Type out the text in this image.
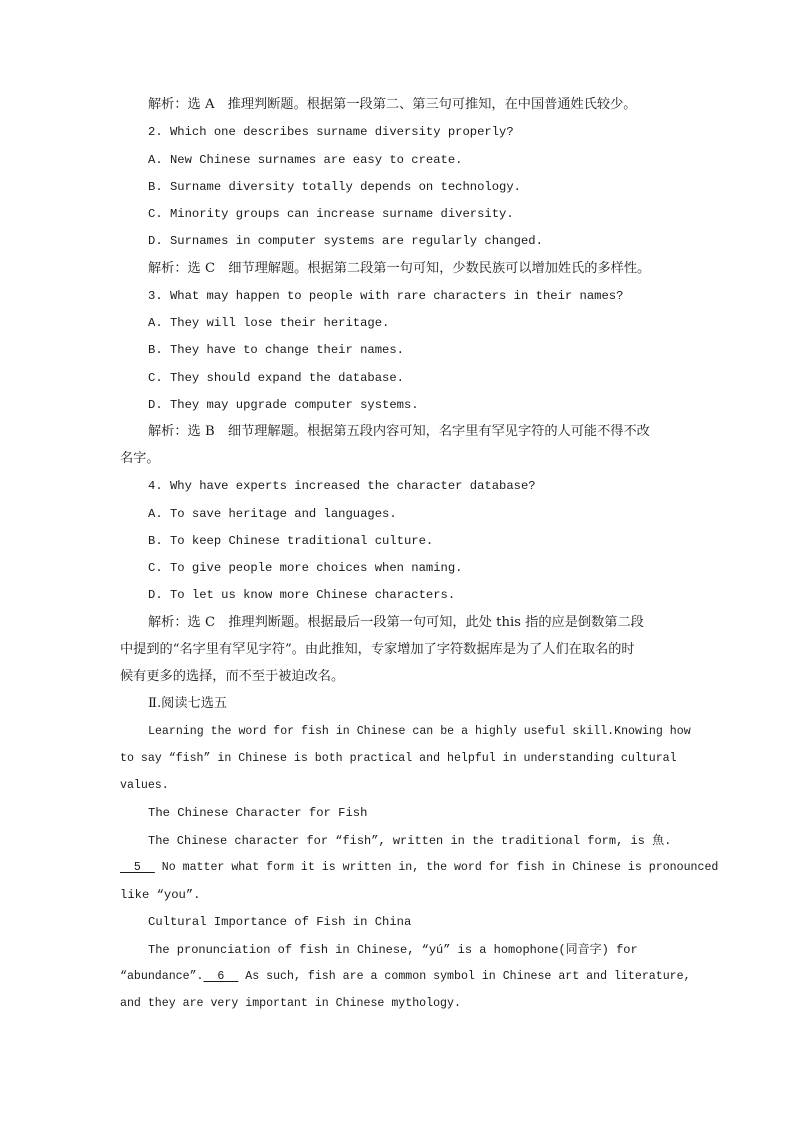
解析：选 A　推理判断题。根据第一段第二、第三句可推知，在中国普通姓氏较少。
2. Which one describes surname diversity properly?
A. New Chinese surnames are easy to create.
B. Surname diversity totally depends on technology.
C. Minority groups can increase surname diversity.
D. Surnames in computer systems are regularly changed.
解析：选 C　细节理解题。根据第二段第一句可知，少数民族可以增加姓氏的多样性。
3. What may happen to people with rare characters in their names?
A. They will lose their heritage.
B. They have to change their names.
C. They should expand the database.
D. They may upgrade computer systems.
解析：选 B　细节理解题。根据第五段内容可知，名字里有罕见字符的人可能不得不改
名字。
4. Why have experts increased the character database?
A. To save heritage and languages.
B. To keep Chinese traditional culture.
C. To give people more choices when naming.
D. To let us know more Chinese characters.
解析：选 C　推理判断题。根据最后一段第一句可知，此处 this 指的应是倒数第二段
中提到的“名字里有罕见字符”。由此推知，专家增加了字符数据库是为了人们在取名的时
候有更多的选择，而不至于被迫改名。
Ⅱ.阅读七选五
Learning the word for fish in Chinese can be a highly useful skill.Knowing how
to say “fish” in Chinese is both practical and helpful in understanding cultural
values.
The Chinese Character for Fish
The Chinese character for “fish”, written in the traditional form, is 魚.
5   No matter what form it is written in, the word for fish in Chinese is pronounced
like “you”.
Cultural Importance of Fish in China
The pronunciation of fish in Chinese, “yú” is a homophone(同音字) for
“abundance”. 6   As such, fish are a common symbol in Chinese art and literature,
and they are very important in Chinese mythology.
